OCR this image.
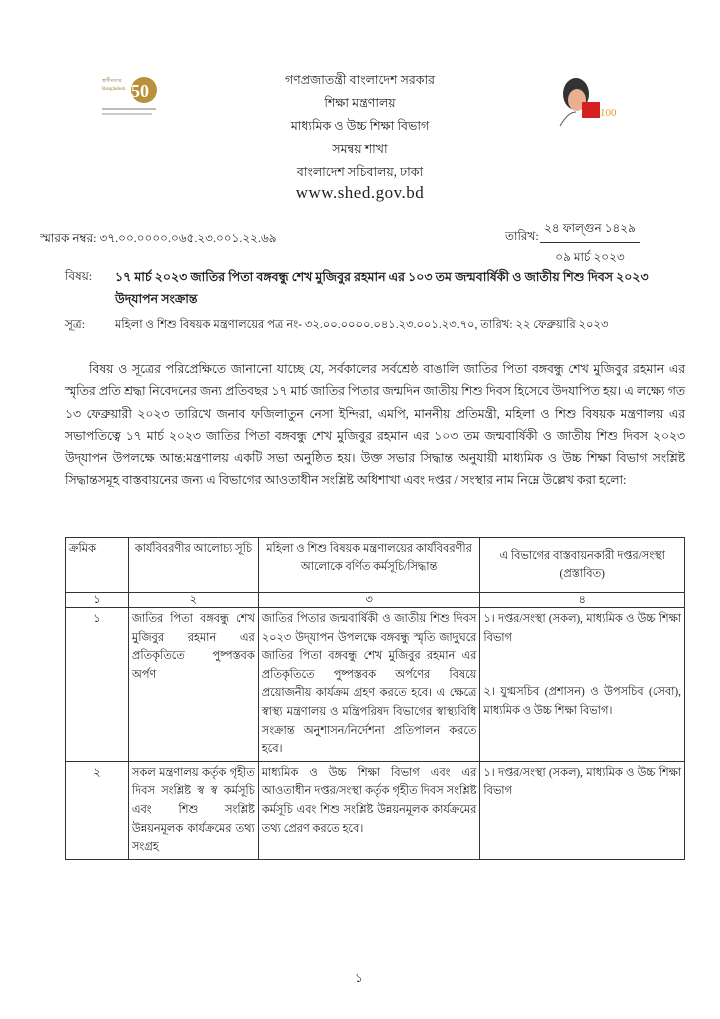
স্বাধীনতার
Bangladesh 50
100
গণপ্রজাতন্ত্রী বাংলাদেশ সরকার
শিক্ষা মন্ত্রণালয়
মাধ্যমিক ও উচ্চ শিক্ষা বিভাগ
সমন্বয় শাখা
বাংলাদেশ সচিবালয়, ঢাকা
www.shed.gov.bd
স্মারক নম্বর: ৩৭.০০.০০০০.০৬৫.২৩.০০১.২২.৬৯	তারিখ:
২৪ ফাল্গুন ১৪২৯
০৯ মার্চ ২০২৩
বিষয়: ১৭ মার্চ ২০২৩ জাতির পিতা বঙ্গবন্ধু শেখ মুজিবুর রহমান এর ১০৩ তম জন্মবার্ষিকী ও জাতীয় শিশু দিবস ২০২৩ উদ্‌যাপন সংক্রান্ত
সূত্র:	মহিলা ও শিশু বিষয়ক মন্ত্রণালয়ের পত্র নং- ৩২.০০.০০০০.০৪১.২৩.০০১.২৩.৭০, তারিখ: ২২ ফেব্রুয়ারি ২০২৩
বিষয় ও সূত্রের পরিপ্রেক্ষিতে জানানো যাচ্ছে যে, সর্বকালের সর্বশ্রেষ্ঠ বাঙালি জাতির পিতা বঙ্গবন্ধু শেখ মুজিবুর রহমান এর স্মৃতির প্রতি শ্রদ্ধা নিবেদনের জন্য প্রতিবছর ১৭ মার্চ জাতির পিতার জন্মদিন জাতীয় শিশু দিবস হিসেবে উদযাপিত হয়। এ লক্ষ্যে গত ১৩ ফেব্রুয়ারী ২০২৩ তারিখে জনাব ফজিলাতুন নেসা ইন্দিরা, এমপি, মাননীয় প্রতিমন্ত্রী, মহিলা ও শিশু বিষয়ক মন্ত্রণালয় এর সভাপতিত্বে ১৭ মার্চ ২০২৩ জাতির পিতা বঙ্গবন্ধু শেখ মুজিবুর রহমান এর ১০৩ তম জন্মবার্ষিকী ও জাতীয় শিশু দিবস ২০২৩ উদ্‌যাপন উপলক্ষে আন্ত:মন্ত্রণালয় একটি সভা অনুষ্ঠিত হয়। উক্ত সভার সিদ্ধান্ত অনুযায়ী মাধ্যমিক ও উচ্চ শিক্ষা বিভাগ সংশ্লিষ্ট সিদ্ধান্তসমূহ বাস্তবায়নের জন্য এ বিভাগের আওতাধীন সংশ্লিষ্ট অধিশাখা এবং দপ্তর / সংস্থার নাম নিম্নে উল্লেখ করা হলো:
ক্রমিক	কার্যবিবরণীর আলোচ্য সূচি	মহিলা ও শিশু বিষয়ক মন্ত্রণালয়ের কার্যবিবরণীর আলোকে বর্ণিত কর্মসূচি/সিদ্ধান্ত	এ বিভাগের বাস্তবায়নকারী দপ্তর/সংস্থা (প্রস্তাবিত)
১	২	৩	৪
১	জাতির পিতা বঙ্গবন্ধু শেখ মুজিবুর রহমান এর প্রতিকৃতিতে পুষ্পস্তবক অর্পণ	জাতির পিতার জন্মবার্ষিকী ও জাতীয় শিশু দিবস ২০২৩ উদ্‌যাপন উপলক্ষে বঙ্গবন্ধু স্মৃতি জাদুঘরে জাতির পিতা বঙ্গবন্ধু শেখ মুজিবুর রহমান এর প্রতিকৃতিতে পুষ্পস্তবক অর্পণের বিষয়ে প্রয়োজনীয় কার্যক্রম গ্রহণ করতে হবে। এ ক্ষেত্রে স্বাস্থ্য মন্ত্রণালয় ও মন্ত্রিপরিষদ বিভাগের স্বাস্থ্যবিধি সংক্রান্ত অনুশাসন/নির্দেশনা প্রতিপালন করতে হবে।	১। দপ্তর/সংস্থা (সকল), মাধ্যমিক ও উচ্চ শিক্ষা বিভাগ
২। যুগ্মসচিব (প্রশাসন) ও উপসচিব (সেবা), মাধ্যমিক ও উচ্চ শিক্ষা বিভাগ।

২	সকল মন্ত্রণালয় কর্তৃক গৃহীত দিবস সংশ্লিষ্ট স্ব স্ব কর্মসূচি এবং শিশু সংশ্লিষ্ট উন্নয়নমূলক কার্যক্রমের তথ্য সংগ্রহ	মাধ্যমিক ও উচ্চ শিক্ষা বিভাগ এবং এর আওতাধীন দপ্তর/সংস্থা কর্তৃক গৃহীত দিবস সংশ্লিষ্ট কর্মসূচি এবং শিশু সংশ্লিষ্ট উন্নয়নমূলক কার্যক্রমের তথ্য প্রেরণ করতে হবে।	১। দপ্তর/সংস্থা (সকল), মাধ্যমিক ও উচ্চ শিক্ষা বিভাগ
১
